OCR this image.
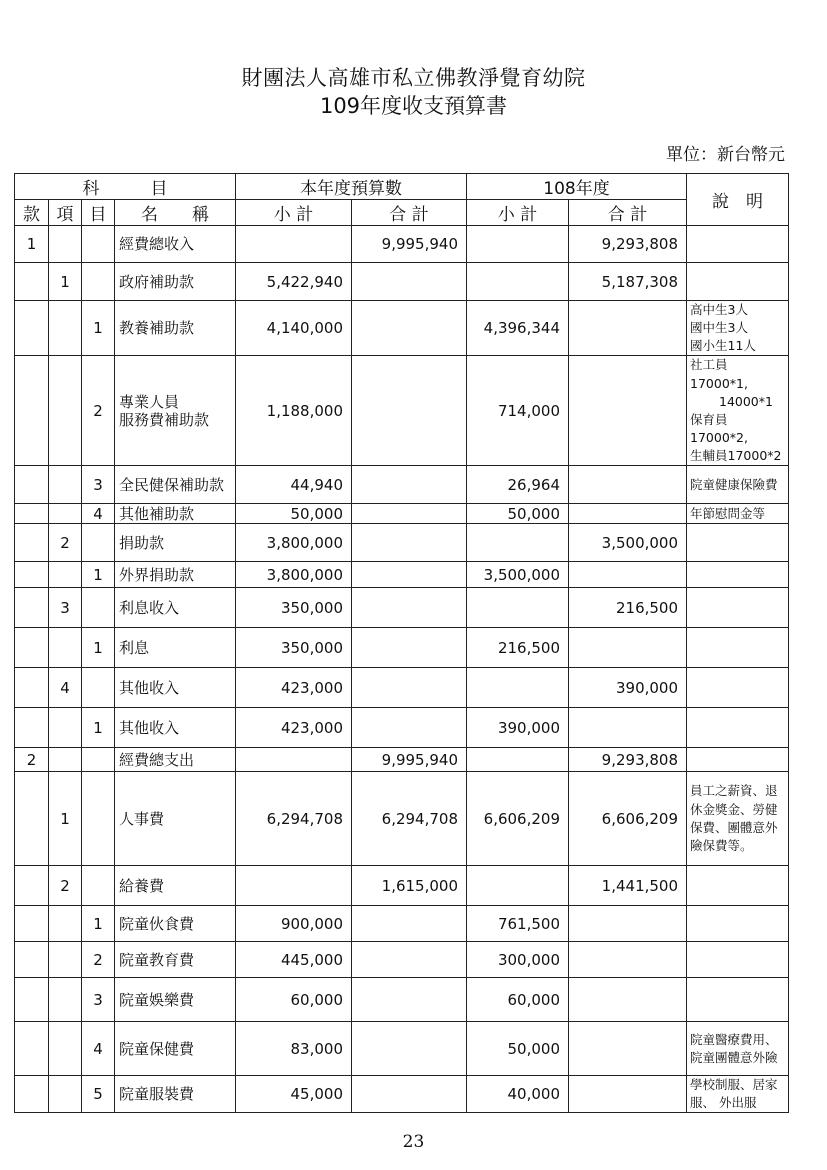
財團法人高雄市私立佛教淨覺育幼院
109年度收支預算書
單位：新台幣元
科　　　目				本年度預算數		108年度		說　明
款	項	目	名　　稱	小 計	合 計	小 計	合 計	
1			經費總收入		9,995,940		9,293,808	
	1		政府補助款	5,422,940			5,187,308	
		1	教養補助款	4,140,000		4,396,344		高中生3人
國中生3人
國小生11人
		2	專業人員
服務費補助款	1,188,000		714,000		社工員17000*1,
　　 14000*1
保育員17000*2,
生輔員17000*2
		3	全民健保補助款	44,940		26,964		院童健康保險費
		4	其他補助款	50,000		50,000		年節慰問金等
	2		捐助款	3,800,000			3,500,000	
		1	外界捐助款	3,800,000		3,500,000		
	3		利息收入	350,000			216,500	
		1	利息	350,000		216,500		
	4		其他收入	423,000			390,000	
		1	其他收入	423,000		390,000		
2			經費總支出		9,995,940		9,293,808	
	1		人事費	6,294,708	6,294,708	6,606,209	6,606,209	員工之薪資、退休金獎金、勞健保費、團體意外險保費等。
	2		給養費		1,615,000		1,441,500	
		1	院童伙食費	900,000		761,500		
		2	院童教育費	445,000		300,000		
		3	院童娛樂費	60,000		60,000		
		4	院童保健費	83,000		50,000		院童醫療費用、
院童團體意外險
		5	院童服裝費	45,000		40,000		學校制服、居家
服、 外出服
23
